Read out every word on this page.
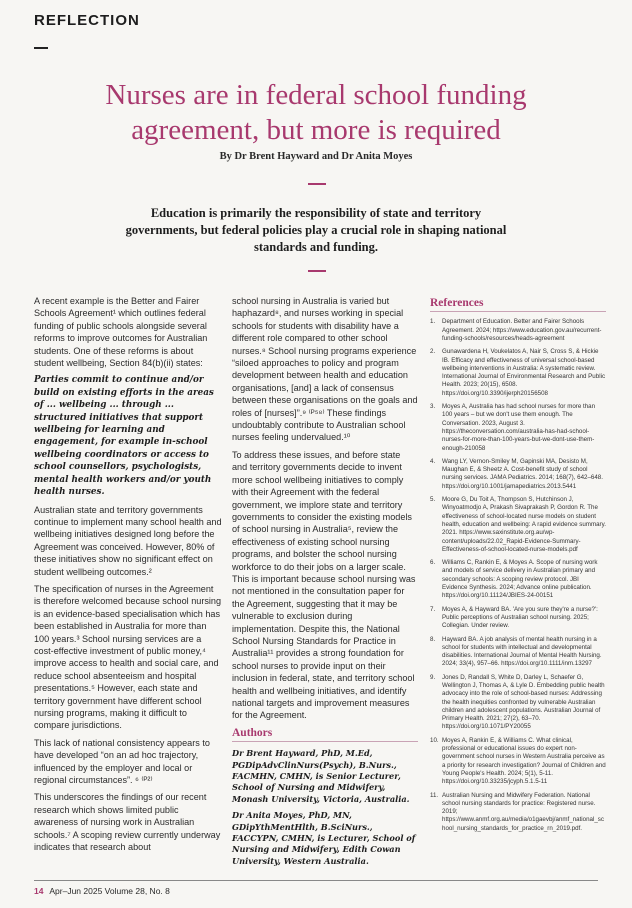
REFLECTION
Nurses are in federal school funding agreement, but more is required
By Dr Brent Hayward and Dr Anita Moyes

Education is primarily the responsibility of state and territory governments, but federal policies play a crucial role in shaping national standards and funding.

A recent example is the Better and Fairer Schools Agreement¹ which outlines federal funding of public schools alongside several reforms to improve outcomes for Australian students. One of these reforms is about student wellbeing, Section 84(b)(ii) states:

Parties commit to continue and/or build on existing efforts in the areas of ... wellbeing ... through ... structured initiatives that support wellbeing for learning and engagement, for example in-school wellbeing coordinators or access to school counsellors, psychologists, mental health workers and/or youth health nurses.

Australian state and territory governments continue to implement many school health and wellbeing initiatives designed long before the Agreement was conceived. However, 80% of these initiatives show no significant effect on student wellbeing outcomes.²

The specification of nurses in the Agreement is therefore welcomed because school nursing is an evidence-based specialisation which has been established in Australia for more than 100 years.³ School nursing services are a cost-effective investment of public money,⁴ improve access to health and social care, and reduce school absenteeism and hospital presentations.⁵ However, each state and territory government have different school nursing programs, making it difficult to compare jurisdictions.

This lack of national consistency appears to have developed “on an ad hoc trajectory, influenced by the employer and local or regional circumstances”. ⁶ ⁽ᴾ²⁾

This underscores the findings of our recent research which shows limited public awareness of nursing work in Australian schools.⁷ A scoping review currently underway indicates that research about

school nursing in Australia is varied but haphazard⁸, and nurses working in special schools for students with disability have a different role compared to other school nurses.⁸ School nursing programs experience “siloed approaches to policy and program development between health and education organisations, [and] a lack of consensus between these organisations on the goals and roles of [nurses]”.⁹ ⁽ᴾ⁵⁸⁾ These findings undoubtably contribute to Australian school nurses feeling undervalued.¹⁰

To address these issues, and before state and territory governments decide to invent more school wellbeing initiatives to comply with their Agreement with the federal government, we implore state and territory governments to consider the existing models of school nursing in Australia⁵, review the effectiveness of existing school nursing programs, and bolster the school nursing workforce to do their jobs on a larger scale. This is important because school nursing was not mentioned in the consultation paper for the Agreement, suggesting that it may be vulnerable to exclusion during implementation. Despite this, the National School Nursing Standards for Practice in Australia¹¹ provides a strong foundation for school nurses to provide input on their inclusion in federal, state, and territory school health and wellbeing initiatives, and identify national targets and improvement measures for the Agreement.

Authors

Dr Brent Hayward, PhD, M.Ed, PGDipAdvClinNurs(Psych), B.Nurs., FACMHN, CMHN, is Senior Lecturer, School of Nursing and Midwifery, Monash University, Victoria, Australia.

Dr Anita Moyes, PhD, MN, GDipYthMentHlth, B.SciNurs., FACCYPN, CMHN, is Lecturer, School of Nursing and Midwifery, Edith Cowan University, Western Australia.

References
1.	Department of Education. Better and Fairer Schools Agreement. 2024; https://www.education.gov.au/recurrent-funding-schools/resources/heads-agreement
2.	Gunawardena H, Voukelatos A, Nair S, Cross S, & Hickie IB. Efficacy and effectiveness of universal school-based wellbeing interventions in Australia: A systematic review. International Journal of Environmental Research and Public Health. 2023; 20(15), 6508. https://doi.org/10.3390/ijerph20156508
3.	Moyes A, Australia has had school nurses for more than 100 years – but we don't use them enough. The Conversation. 2023, August 3. https://theconversation.com/australia-has-had-school-nurses-for-more-than-100-years-but-we-dont-use-them-enough-210058
4.	Wang LY, Vernon-Smiley M, Gapinski MA, Desisto M, Maughan E, & Sheetz A. Cost-benefit study of school nursing services. JAMA Pediatrics. 2014; 168(7), 642–648. https://doi.org/10.1001/jamapediatrics.2013.5441
5.	Moore G, Du Toit A, Thompson S, Hutchinson J, Winyoatmodjo A, Prakash Sivaprakash P, Gordon R. The effectiveness of school-located nurse models on student health, education and wellbeing: A rapid evidence summary. 2021. https://www.saxinstitute.org.au/wp-content/uploads/22.02_Rapid-Evidence-Summary-Effectiveness-of-school-located-nurse-models.pdf
6.	Williams C, Rankin E, & Moyes A. Scope of nursing work and models of service delivery in Australian primary and secondary schools: A scoping review protocol. JBI Evidence Synthesis. 2024; Advance online publication. https://doi.org/10.11124/JBIES-24-00151
7.	Moyes A, & Hayward BA. 'Are you sure they're a nurse?': Public perceptions of Australian school nursing. 2025; Collegian. Under review.
8.	Hayward BA. A job analysis of mental health nursing in a school for students with intellectual and developmental disabilities. International Journal of Mental Health Nursing. 2024; 33(4), 957–66. https://doi.org/10.1111/inm.13297
9.	Jones D, Randall S, White D, Darley L, Schaefer G, Wellington J, Thomas A, & Lyle D. Embedding public health advocacy into the role of school-based nurses: Addressing the health inequities confronted by vulnerable Australian children and adolescent populations. Australian Journal of Primary Health. 2021; 27(2), 63–70. https://doi.org/10.1071/PY20055
10. Moyes A, Rankin E, & Williams C. What clinical, professional or educational issues do expert non-government school nurses in Western Australia perceive as a priority for research investigation? Journal of Children and Young People's Health. 2024; 5(1), 5-11. https://doi.org/10.33235/jcyph.5.1.5-11
11. Australian Nursing and Midwifery Federation. National school nursing standards for practice: Registered nurse. 2019; https://www.anmf.org.au/media/o1gaevbj/anmf_national_school_nursing_standards_for_practice_rn_2019.pdf.
14 Apr–Jun 2025 Volume 28, No. 8
